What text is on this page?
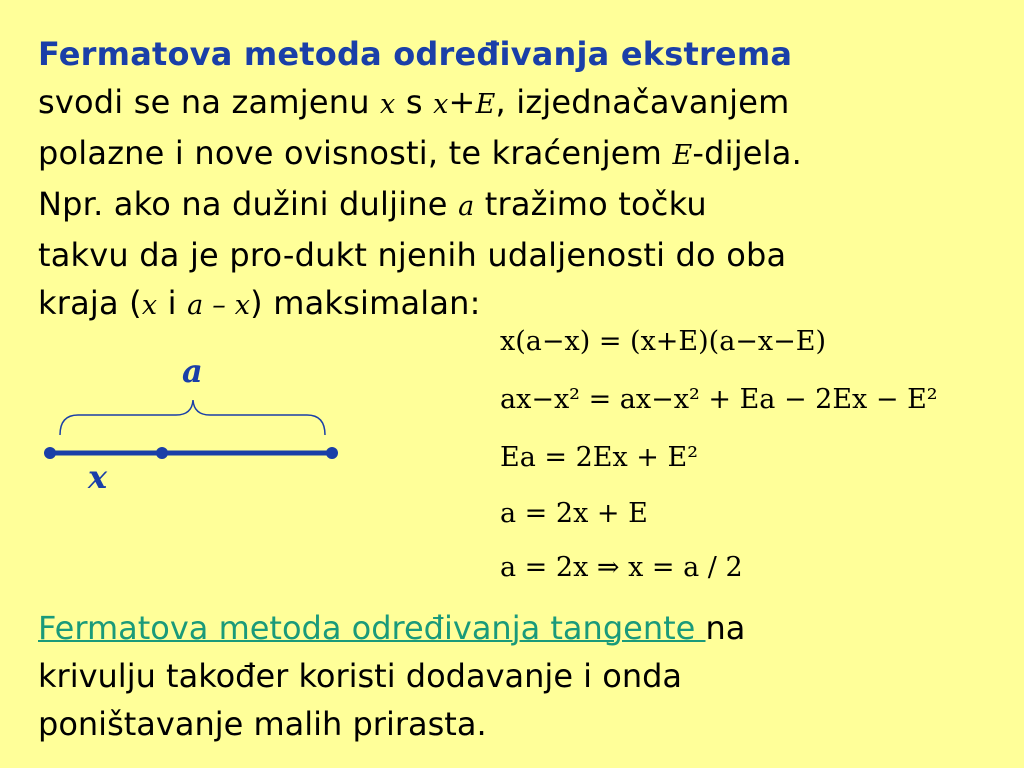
Fermatova metoda određivanja ekstrema
svodi se na zamjenu x s x+E, izjednačavanjem
polazne i nove ovisnosti, te kraćenjem E-dijela.
Npr. ako na dužini duljine a tražimo točku
takvu da je pro-dukt njenih udaljenosti do oba
kraja (x i a – x) maksimalan:
x(a−x) = (x+E)(a−x−E)
ax−x² = ax−x² + Ea − 2Ex − E²
Ea = 2Ex + E²
a = 2x + E
a = 2x ⇒ x = a / 2
a
x
Fermatova metoda određivanja tangente na
krivulju također koristi dodavanje i onda
poništavanje malih prirasta.
